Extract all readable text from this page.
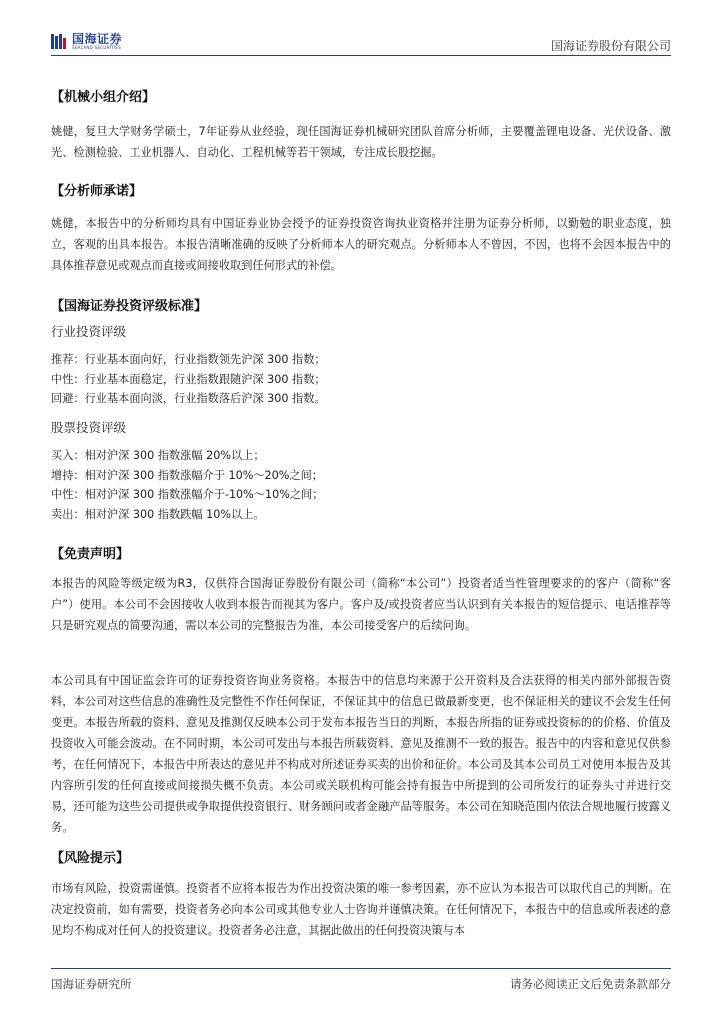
国海证券
SEALAND SECURITIES	国海证券股份有限公司
【机械小组介绍】
姚健，复旦大学财务学硕士，7年证券从业经验，现任国海证券机械研究团队首席分析师，主要覆盖锂电设备、光伏设备、激光、检测检验、工业机器人、自动化、工程机械等若干领域，专注成长股挖掘。
【分析师承诺】
姚健，本报告中的分析师均具有中国证券业协会授予的证券投资咨询执业资格并注册为证券分析师，以勤勉的职业态度，独立，客观的出具本报告。本报告清晰准确的反映了分析师本人的研究观点。分析师本人不曾因，不因，也将不会因本报告中的具体推荐意见或观点而直接或间接收取到任何形式的补偿。
【国海证券投资评级标准】
行业投资评级
推荐：行业基本面向好，行业指数领先沪深 300 指数；
中性：行业基本面稳定，行业指数跟随沪深 300 指数；
回避：行业基本面向淡，行业指数落后沪深 300 指数。
股票投资评级
买入：相对沪深 300 指数涨幅 20%以上；
增持：相对沪深 300 指数涨幅介于 10%～20%之间；
中性：相对沪深 300 指数涨幅介于-10%～10%之间；
卖出：相对沪深 300 指数跌幅 10%以上。
【免责声明】
本报告的风险等级定级为R3，仅供符合国海证券股份有限公司（简称“本公司”）投资者适当性管理要求的的客户（简称“客户”）使用。本公司不会因接收人收到本报告而视其为客户。客户及/或投资者应当认识到有关本报告的短信提示、电话推荐等只是研究观点的简要沟通，需以本公司的完整报告为准，本公司接受客户的后续问询。
本公司具有中国证监会许可的证券投资咨询业务资格。本报告中的信息均来源于公开资料及合法获得的相关内部外部报告资料，本公司对这些信息的准确性及完整性不作任何保证，不保证其中的信息已做最新变更，也不保证相关的建议不会发生任何变更。本报告所载的资料、意见及推测仅反映本公司于发布本报告当日的判断，本报告所指的证券或投资标的的价格、价值及投资收入可能会波动。在不同时期，本公司可发出与本报告所载资料、意见及推测不一致的报告。报告中的内容和意见仅供参考，在任何情况下，本报告中所表达的意见并不构成对所述证券买卖的出价和征价。本公司及其本公司员工对使用本报告及其内容所引发的任何直接或间接损失概不负责。本公司或关联机构可能会持有报告中所提到的公司所发行的证券头寸并进行交易，还可能为这些公司提供或争取提供投资银行、财务顾问或者金融产品等服务。本公司在知晓范围内依法合规地履行披露义务。
【风险提示】
市场有风险，投资需谨慎。投资者不应将本报告为作出投资决策的唯一参考因素，亦不应认为本报告可以取代自己的判断。在决定投资前，如有需要，投资者务必向本公司或其他专业人士咨询并谨慎决策。在任何情况下，本报告中的信息或所表述的意见均不构成对任何人的投资建议。投资者务必注意，其据此做出的任何投资决策与本
国海证券研究所	请务必阅读正文后免责条款部分
